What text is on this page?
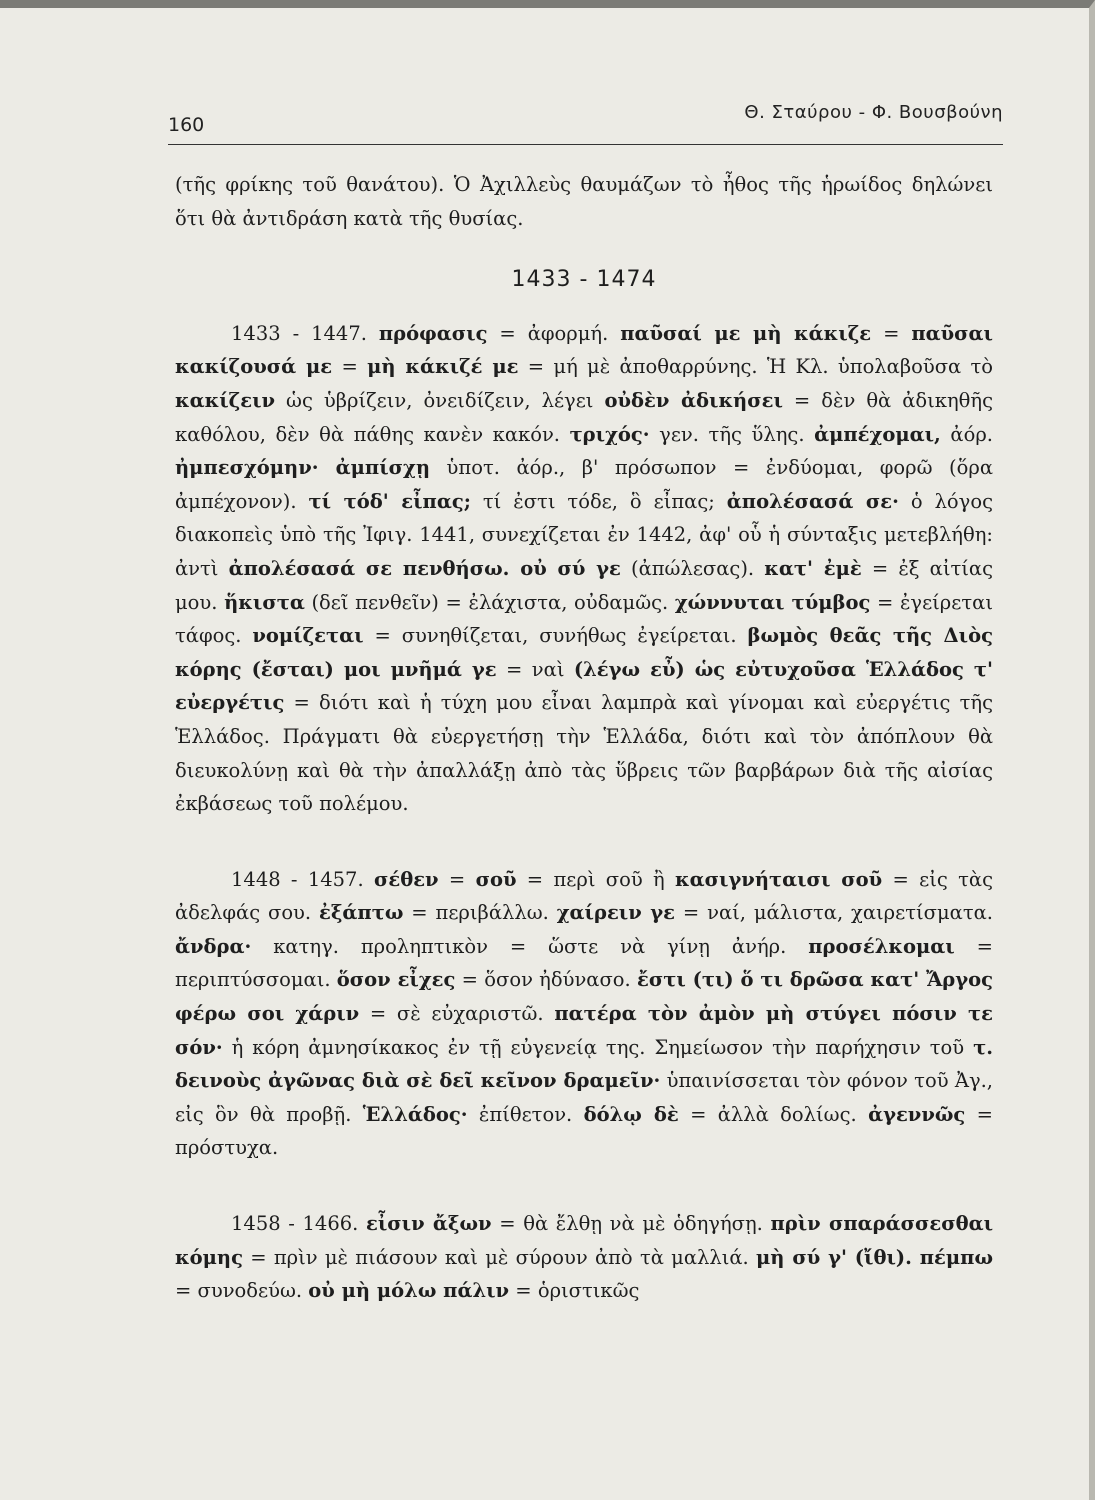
160
Θ. Σταύρου - Φ. Βουσβούνη

(τῆς φρίκης τοῦ θανάτου). Ὁ Ἀχιλλεὺς θαυμάζων τὸ ἦθος τῆς ἡρωίδος δηλώνει ὅτι θὰ ἀντιδράση κατὰ τῆς θυσίας.

1433 - 1474

1433 - 1447. πρόφασις = ἀφορμή. παῦσαί με μὴ κάκιζε = παῦσαι κακίζουσά με = μὴ κάκιζέ με = μή μὲ ἀποθαρρύνης. Ἡ Κλ. ὑπολαβοῦσα τὸ κακίζειν ὡς ὑβρίζειν, ὀνειδίζειν, λέγει οὐδὲν ἀδικήσει = δὲν θὰ ἀδικηθῆς καθόλου, δὲν θὰ πάθης κανὲν κακόν. τριχός· γεν. τῆς ὕλης. ἀμπέχομαι, ἀόρ. ἠμπεσχόμην· ἀμπίσχῃ ὑποτ. ἀόρ., β' πρόσωπον = ἐνδύομαι, φορῶ (ὅρα ἀμπέχονον). τί τόδ' εἶπας; τί ἐστι τόδε, ὃ εἶπας; ἀπολέσασά σε· ὁ λόγος διακοπεὶς ὑπὸ τῆς Ἰφιγ. 1441, συνεχίζεται ἐν 1442, ἀφ' οὗ ἡ σύνταξις μετεβλήθη: ἀντὶ ἀπολέσασά σε πενθήσω. οὐ σύ γε (ἀπώλεσας). κατ' ἐμὲ = ἐξ αἰτίας μου. ἥκιστα (δεῖ πενθεῖν) = ἐλάχιστα, οὐδαμῶς. χώννυται τύμβος = ἐγείρεται τάφος. νομίζεται = συνηθίζεται, συνήθως ἐγείρεται. βωμὸς θεᾶς τῆς Διὸς κόρης (ἔσται) μοι μνῆμά γε = ναὶ (λέγω εὖ) ὡς εὐτυχοῦσα Ἑλλάδος τ' εὐεργέτις = διότι καὶ ἡ τύχη μου εἶναι λαμπρὰ καὶ γίνομαι καὶ εὐεργέτις τῆς Ἑλλάδος. Πράγματι θὰ εὐεργετήσῃ τὴν Ἑλλάδα, διότι καὶ τὸν ἀπόπλουν θὰ διευκολύνῃ καὶ θὰ τὴν ἀπαλλάξῃ ἀπὸ τὰς ὕβρεις τῶν βαρβάρων διὰ τῆς αἰσίας ἐκβάσεως τοῦ πολέμου.

1448 - 1457. σέθεν = σοῦ = περὶ σοῦ ἢ κασιγνήταισι σοῦ = εἰς τὰς ἀδελφάς σου. ἐξάπτω = περιβάλλω. χαίρειν γε = ναί, μάλιστα, χαιρετίσματα. ἄνδρα· κατηγ. προληπτικὸν = ὥστε νὰ γίνῃ ἀνήρ. προσέλκομαι = περιπτύσσομαι. ὅσον εἶχες = ὅσον ἠδύνασο. ἔστι (τι) ὅ τι δρῶσα κατ' Ἄργος φέρω σοι χάριν = σὲ εὐχαριστῶ. πατέρα τὸν ἀμὸν μὴ στύγει πόσιν τε σόν· ἡ κόρη ἀμνησίκακος ἐν τῇ εὐγενείᾳ της. Σημείωσον τὴν παρήχησιν τοῦ τ. δεινοὺς ἀγῶνας διὰ σὲ δεῖ κεῖνον δραμεῖν· ὑπαινίσσεται τὸν φόνον τοῦ Ἀγ., εἰς ὃν θὰ προβῇ. Ἑλλάδος· ἐπίθετον. δόλῳ δὲ = ἀλλὰ δολίως. ἀγεννῶς = πρόστυχα.

1458 - 1466. εἶσιν ἄξων = θὰ ἔλθῃ νὰ μὲ ὁδηγήσῃ. πρὶν σπαράσσεσθαι κόμης = πρὶν μὲ πιάσουν καὶ μὲ σύρουν ἀπὸ τὰ μαλλιά. μὴ σύ γ' (ἴθι). πέμπω = συνοδεύω. οὐ μὴ μόλω πάλιν = ὁριστικῶς
